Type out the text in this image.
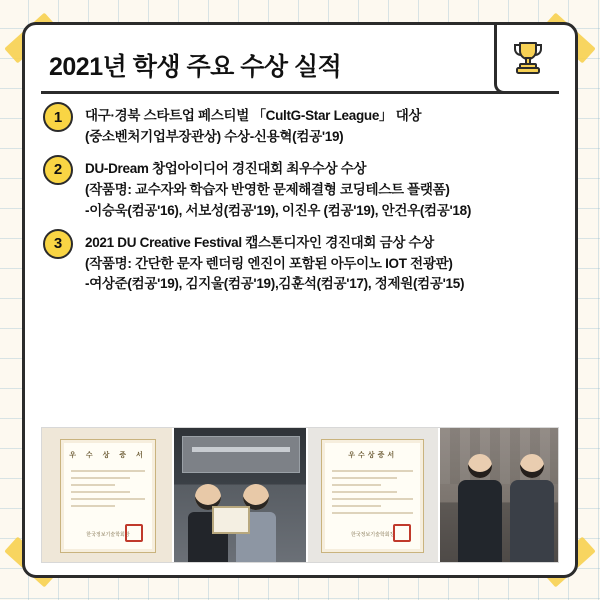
2021년 학생 주요 수상 실적
1	대구·경북 스타트업 페스티벌 「CultG-Star League」 대상
(중소벤처기업부장관상) 수상-신용혁(컴공'19)
2	DU-Dream 창업아이디어 경진대회 최우수상 수상
(작품명: 교수자와 학습자 반영한 문제해결형 코딩테스트 플랫폼)
-이승욱(컴공'16), 서보성(컴공'19), 이진우 (컴공'19), 안건우(컴공'18)
3	2021 DU Creative Festival 캡스톤디자인 경진대회 금상 수상
(작품명: 간단한 문자 렌더링 엔진이 포함된 아두이노 IOT 전광판)
-여상준(컴공'19), 김지울(컴공'19),김훈석(컴공'17), 정제원(컴공'15)
우 수 상 증 서
한국정보기술학회장
우수상증서
한국정보기술학회장
